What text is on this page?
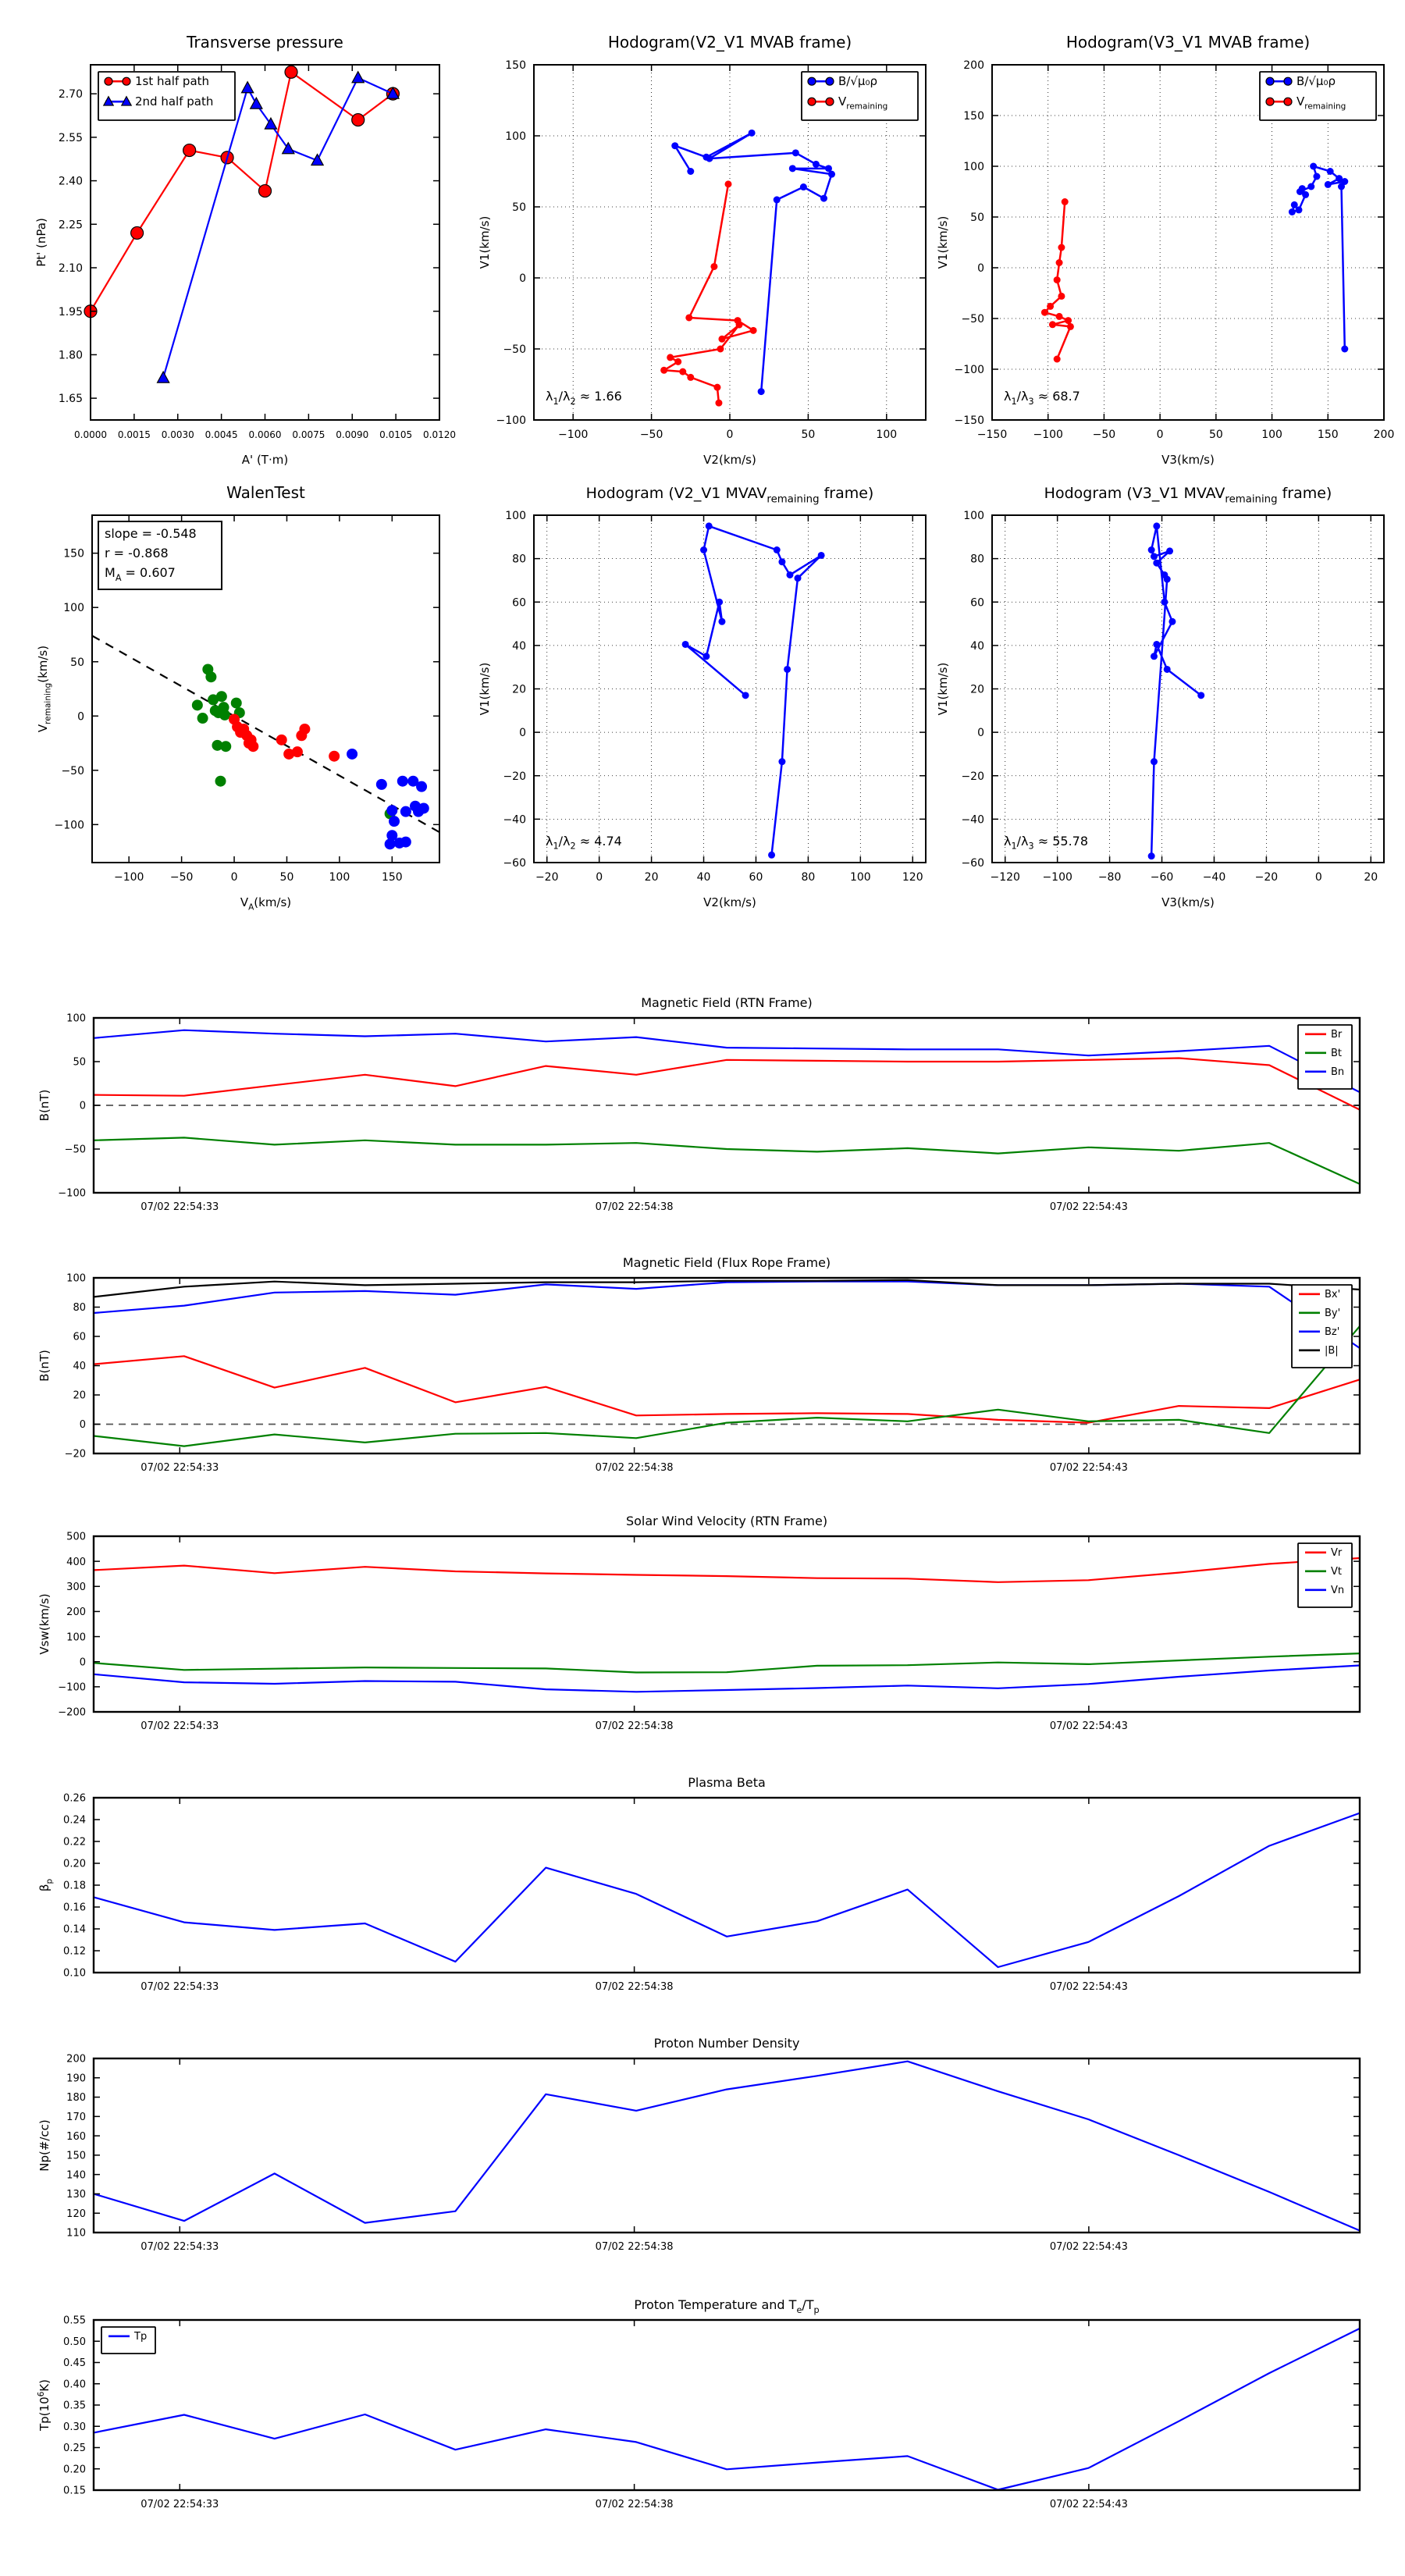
0.0000 0.0015 0.0030 0.0045 0.0060 0.0075 0.0090 0.0105 0.0120
1.65
1.80
1.95
2.10
2.25
2.40
2.55
2.70
Transverse pressure
A' (T·m)
Pt' (nPa)
1st half path
2nd half path
−100	−50	0	50	100
−100
−50
0
50
100
150
Hodogram(V2_V1 MVAB frame)
V2(km/s)
V1(km/s)
$\lambda_1/\lambda_2 \approx 1.66$
B/√μ₀ρ
$V_{remaining}$
−150 −100	−50	0	50	100	150	200
−150
−100
−50
0
50
100
150
200
Hodogram(V3_V1 MVAB frame)
V3(km/s)
V1(km/s)
$\lambda_1/\lambda_3 \approx 68.7$
B/√μ₀ρ
$V_{remaining}$
−100 −50	0	50	100	150
−100
−50
0
50
100
150
WalenTest
$V_A(km/s)$
$V_{remaining}(km/s)$
slope = -0.548
r = -0.868
$M_A = 0.607$
−20	0	20	40	60	80	100	120
−60
−40
−20
0
20
40
60
80
100
Hodogram (V2_V1 $MVAV_{remaining}$ frame)
V2(km/s)
V1(km/s)
$\lambda_1/\lambda_2 \approx 4.74$
−120 −100 −80	−60	−40	−20	0	20
−60
−40
−20
0
20
40
60
80
100
Hodogram (V3_V1 $MVAV_{remaining}$ frame)
V3(km/s)
V1(km/s)
$\lambda_1/\lambda_3 \approx 55.78$
07/02 22:54:33	07/02 22:54:38	07/02 22:54:43
−100
−50
0
50
100
Magnetic Field (RTN Frame)
B(nT)
Br
Bt
Bn
07/02 22:54:33	07/02 22:54:38	07/02 22:54:43
−20
0
20
40
60
80
100
Magnetic Field (Flux Rope Frame)
B(nT)
Bx'
By'
Bz'
|B|
07/02 22:54:33	07/02 22:54:38	07/02 22:54:43
−200
−100
0
100
200
300
400
500
Solar Wind Velocity (RTN Frame)
Vsw(km/s)
Vr
Vt
Vn
07/02 22:54:33	07/02 22:54:38	07/02 22:54:43
0.10
0.12
0.14
0.16
0.18
0.20
0.22
0.24
0.26
Plasma Beta
$\beta_p$
07/02 22:54:33	07/02 22:54:38	07/02 22:54:43
110
120
130
140
150
160
170
180
190
200
Proton Number Density
Np(#/cc)
07/02 22:54:33	07/02 22:54:38	07/02 22:54:43
0.15
0.20
0.25
0.30
0.35
0.40
0.45
0.50
0.55
Proton Temperature and $T_e/T_p$
$Tp(10^6K)$
Tp
